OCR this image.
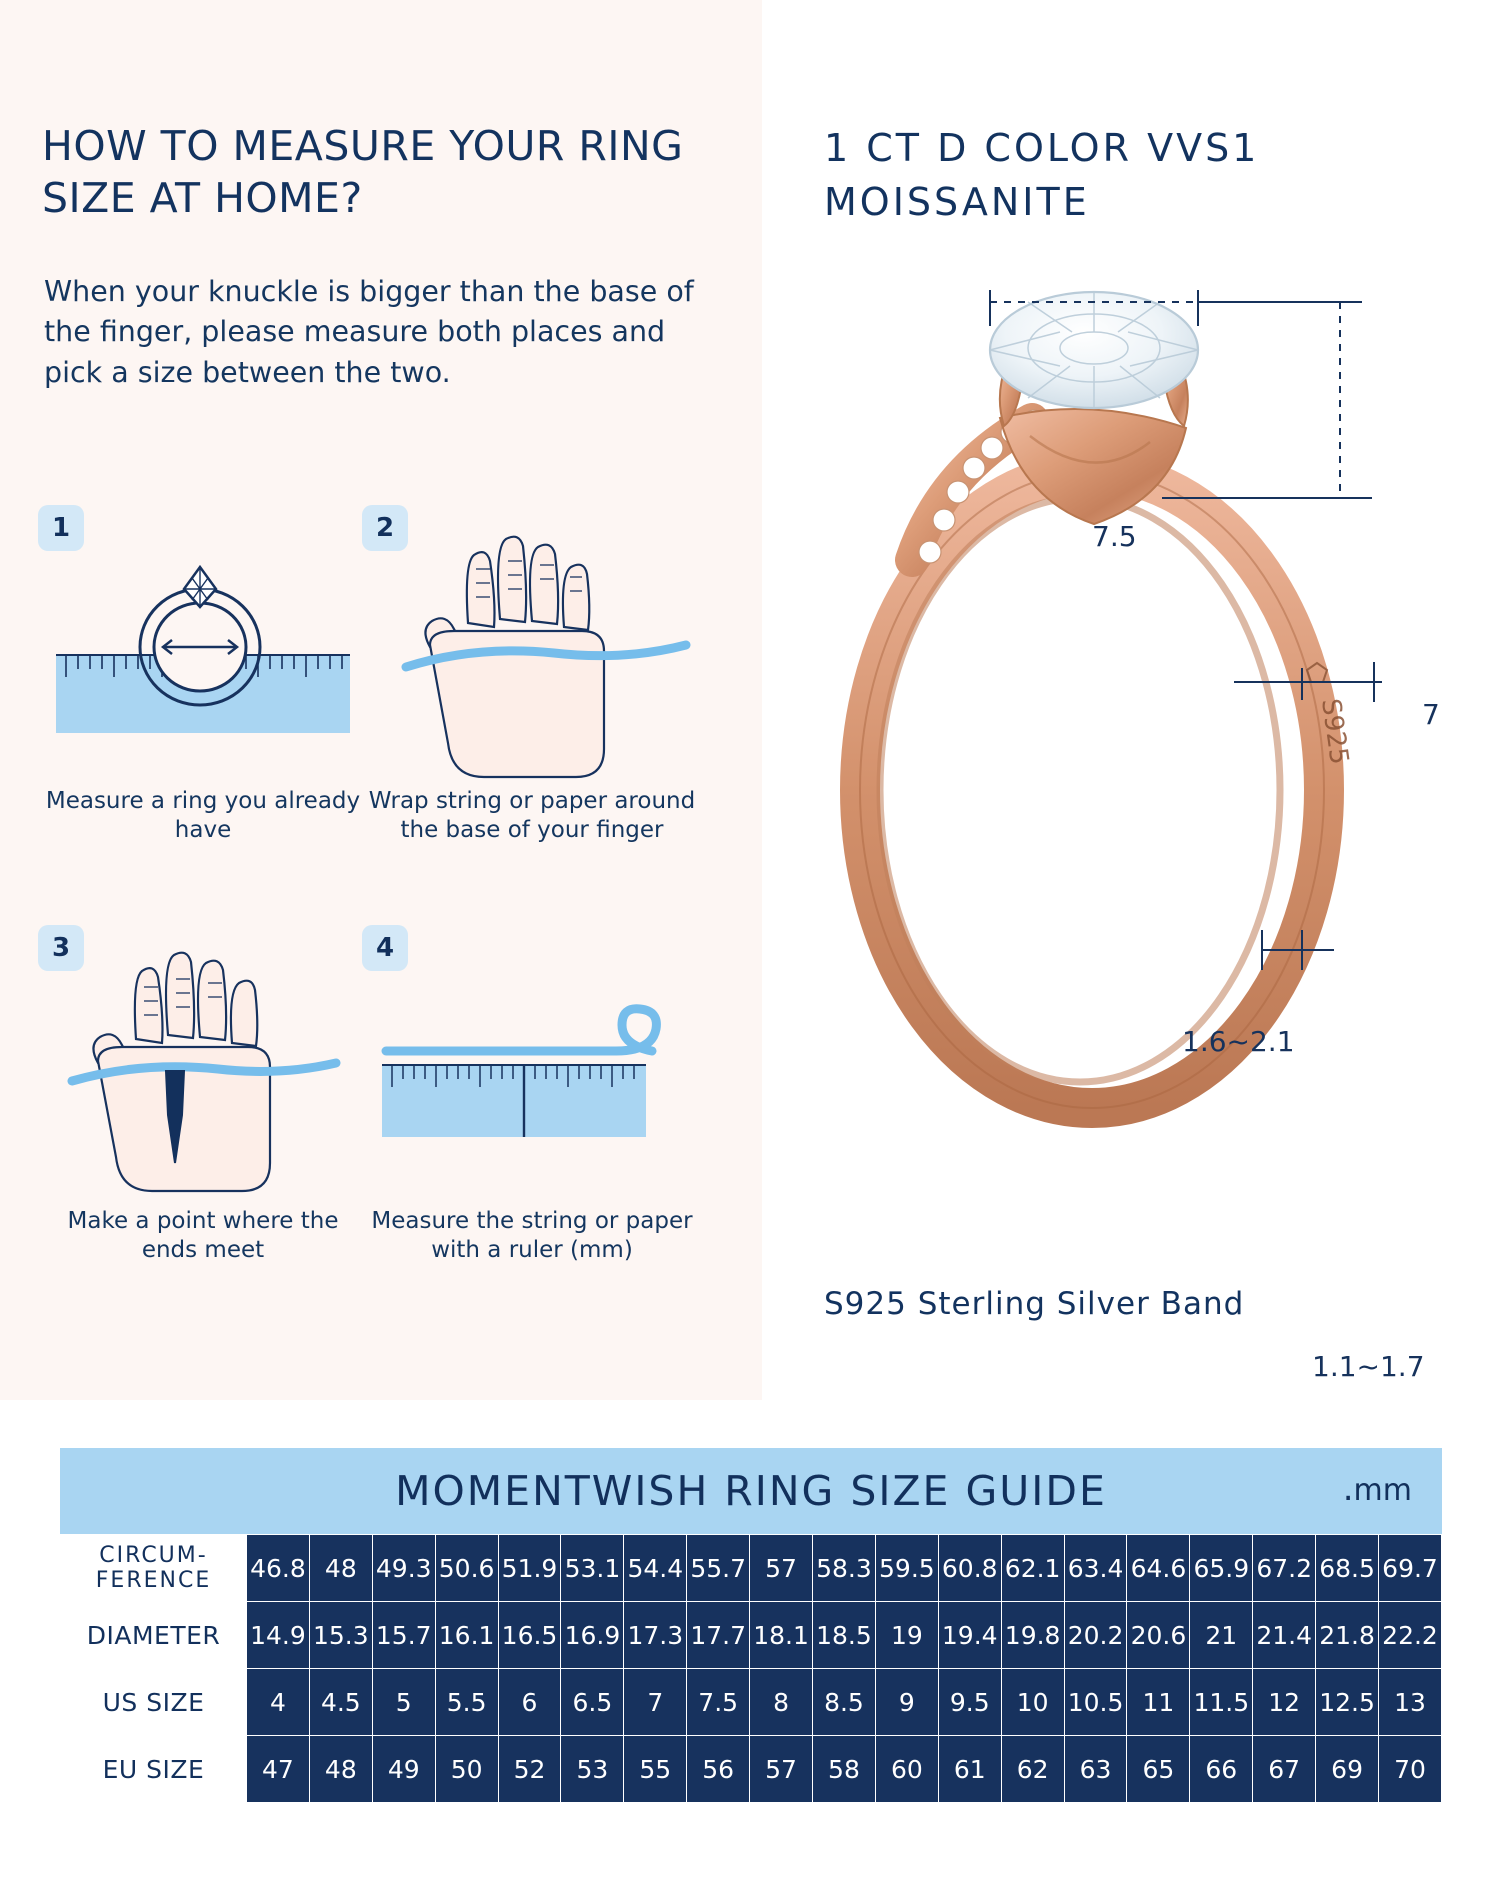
HOW TO MEASURE YOUR RING SIZE AT HOME?
When your knuckle is bigger than the base of the finger, please measure both places and pick a size between the two.
1
Measure a ring you already have
2
Wrap string or paper around the base of your finger
3
Make a point where the ends meet
4
Measure the string or paper with a ruler (mm)
1 CT D COLOR VVS1 MOISSANITE
S925
7.5
7
1.6~2.1
1.1~1.7
S925 Sterling Silver Band
MOMENTWISH RING SIZE GUIDE	.mm
CIRCUM-
FERENCE	46.8	48	49.3	50.6	51.9	53.1	54.4	55.7	57	58.3	59.5	60.8	62.1	63.4	64.6	65.9	67.2	68.5	69.7
DIAMETER	14.9	15.3	15.7	16.1	16.5	16.9	17.3	17.7	18.1	18.5	19	19.4	19.8	20.2	20.6	21	21.4	21.8	22.2
US SIZE	4	4.5	5	5.5	6	6.5	7	7.5	8	8.5	9	9.5	10	10.5	11	11.5	12	12.5	13
EU SIZE	47	48	49	50	52	53	55	56	57	58	60	61	62	63	65	66	67	69	70
